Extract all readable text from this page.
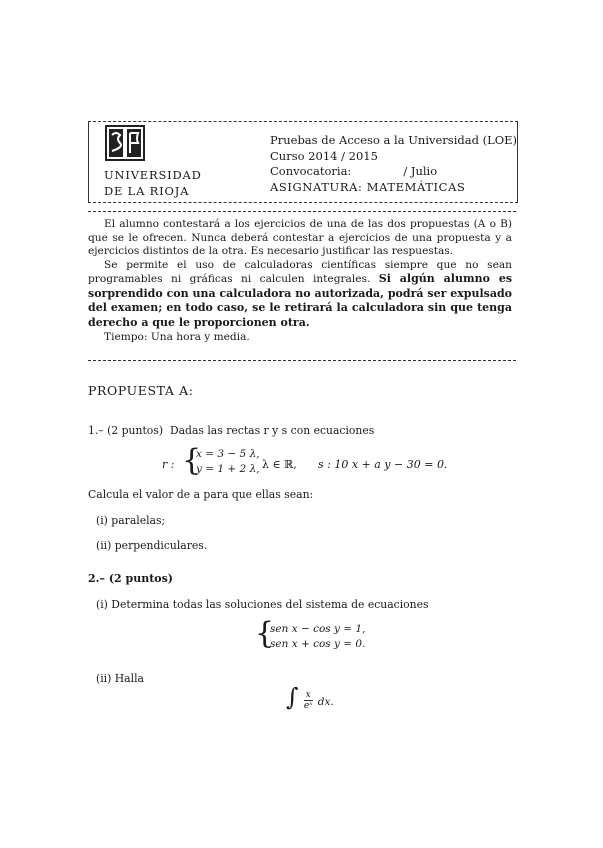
UNIVERSIDAD
DE LA RIOJA
Pruebas de Acceso a la Universidad (LOE)
Curso 2014 / 2015
Convocatoria:	/ Julio
ASIGNATURA: MATEMÁTICAS

El alumno contestará a los ejercicios de una de las dos propuestas (A o B) que se le ofrecen. Nunca deberá contestar a ejercicios de una propuesta y a ejercicios distintos de la otra. Es necesario justificar las respuestas.

Se permite el uso de calculadoras científicas siempre que no sean programables ni gráficas ni calculen integrales. Si algún alumno es sorprendido con una calculadora no autorizada, podrá ser expulsado del examen; en todo caso, se le retirará la calculadora sin que tenga derecho a que le proporcionen otra.

Tiempo: Una hora y media.

PROPUESTA A:
1.– (2 puntos) Dadas las rectas r y s con ecuaciones
r : {
x = 3 − 5 λ,
y = 1 + 2 λ, λ ∈ ℝ, s : 10 x + a y − 30 = 0.
Calcula el valor de a para que ellas sean:
(i) paralelas;
(ii) perpendiculares.
2.– (2 puntos)
(i) Determina todas las soluciones del sistema de ecuaciones
{
sen x − cos y = 1,
sen x + cos y = 0.
(ii) Halla
∫ $\frac{x}{\text{eˣ}}$ dx.
